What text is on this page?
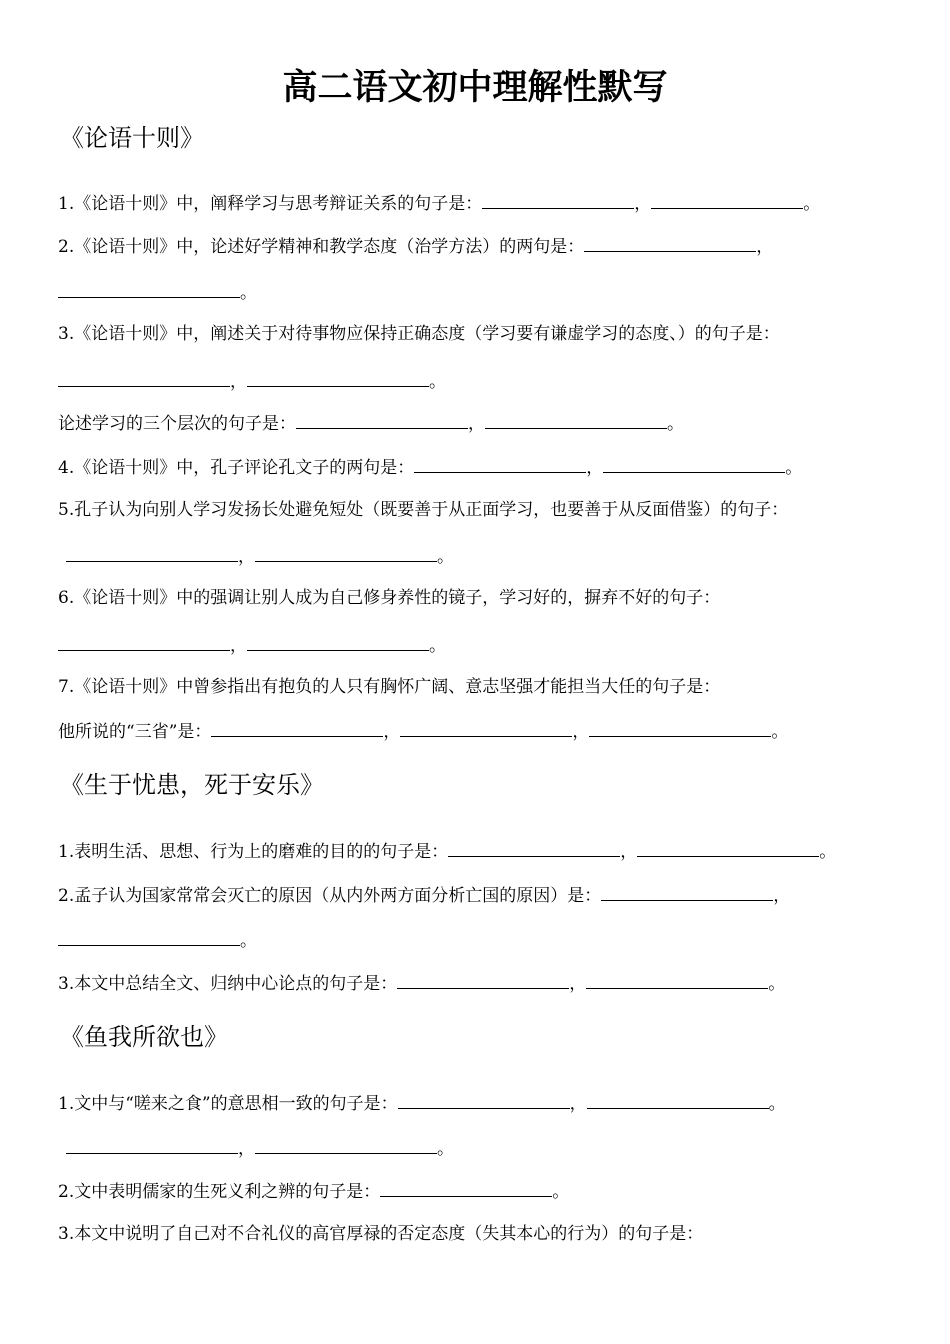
高二语文初中理解性默写
《论语十则》
1.《论语十则》中，阐释学习与思考辩证关系的句子是：	，	。
2.《论语十则》中，论述好学精神和教学态度（治学方法）的两句是：	，
。
3.《论语十则》中，阐述关于对待事物应保持正确态度（学习要有谦虚学习的态度、）的句子是：
，	。
论述学习的三个层次的句子是：	，	。
4.《论语十则》中，孔子评论孔文子的两句是：	，	。
5.孔子认为向别人学习发扬长处避免短处（既要善于从正面学习，也要善于从反面借鉴）的句子：
，	。
6.《论语十则》中的强调让别人成为自己修身养性的镜子，学习好的，摒弃不好的句子：
，	。
7.《论语十则》中曾参指出有抱负的人只有胸怀广阔、意志坚强才能担当大任的句子是：
他所说的“三省”是：	，	，	。
《生于忧患，死于安乐》
1.表明生活、思想、行为上的磨难的目的的句子是：	，	。
2.孟子认为国家常常会灭亡的原因（从内外两方面分析亡国的原因）是：	，
。
3.本文中总结全文、归纳中心论点的句子是：	，	。
《鱼我所欲也》
1.文中与“嗟来之食”的意思相一致的句子是：	，	。
，	。
2.文中表明儒家的生死义利之辨的句子是：	。
3.本文中说明了自己对不合礼仪的高官厚禄的否定态度（失其本心的行为）的句子是：
